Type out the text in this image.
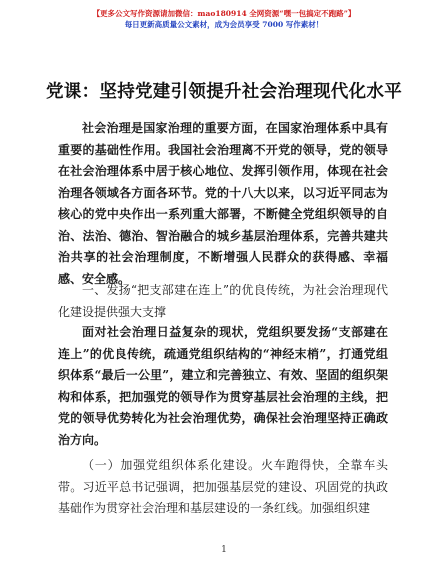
【更多公文写作资源请加微信：mao180914 全网资源“嘿一包搞定不跑路”】
每日更新高质量公文素材，成为会员享受 7000 写作素材！
党课：坚持党建引领提升社会治理现代化水平
社会治理是国家治理的重要方面，在国家治理体系中具有重要的基础性作用。我国社会治理离不开党的领导，党的领导在社会治理体系中居于核心地位、发挥引领作用，体现在社会治理各领域各方面各环节。党的十八大以来，以习近平同志为核心的党中央作出一系列重大部署，不断健全党组织领导的自治、法治、德治、智治融合的城乡基层治理体系，完善共建共治共享的社会治理制度，不断增强人民群众的获得感、幸福感、安全感。
一、发扬“把支部建在连上”的优良传统，为社会治理现代化建设提供强大支撑
面对社会治理日益复杂的现状，党组织要发扬“支部建在连上”的优良传统，疏通党组织结构的“神经末梢”，打通党组织体系“最后一公里”，建立和完善独立、有效、坚固的组织架构和体系，把加强党的领导作为贯穿基层社会治理的主线，把党的领导优势转化为社会治理优势，确保社会治理坚持正确政治方向。
（一）加强党组织体系化建设。火车跑得快，全靠车头带。习近平总书记强调，把加强基层党的建设、巩固党的执政基础作为贯穿社会治理和基层建设的一条红线。加强组织建
1
